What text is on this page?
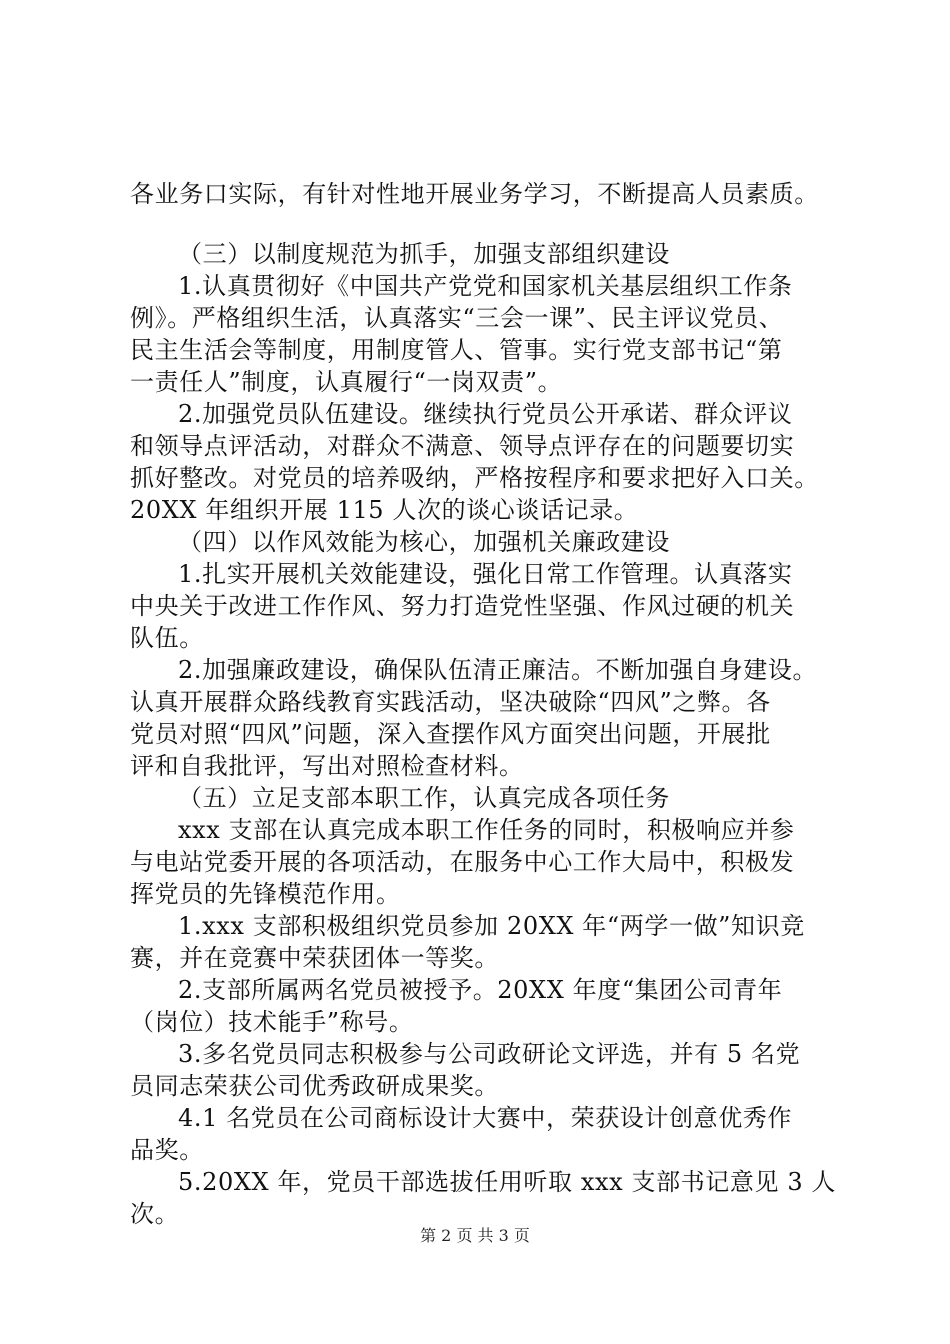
各业务口实际，有针对性地开展业务学习，不断提高人员素质。
（三）以制度规范为抓手，加强支部组织建设
1.认真贯彻好《中国共产党党和国家机关基层组织工作条
例》。严格组织生活，认真落实“三会一课”、民主评议党员、
民主生活会等制度，用制度管人、管事。实行党支部书记“第
一责任人”制度，认真履行“一岗双责”。
2.加强党员队伍建设。继续执行党员公开承诺、群众评议
和领导点评活动，对群众不满意、领导点评存在的问题要切实
抓好整改。对党员的培养吸纳，严格按程序和要求把好入口关。
20XX 年组织开展 115 人次的谈心谈话记录。
（四）以作风效能为核心，加强机关廉政建设
1.扎实开展机关效能建设，强化日常工作管理。认真落实
中央关于改进工作作风、努力打造党性坚强、作风过硬的机关
队伍。
2.加强廉政建设，确保队伍清正廉洁。不断加强自身建设。
认真开展群众路线教育实践活动，坚决破除“四风”之弊。各
党员对照“四风”问题，深入查摆作风方面突出问题，开展批
评和自我批评，写出对照检查材料。
（五）立足支部本职工作，认真完成各项任务
xxx 支部在认真完成本职工作任务的同时，积极响应并参
与电站党委开展的各项活动，在服务中心工作大局中，积极发
挥党员的先锋模范作用。
1.xxx 支部积极组织党员参加 20XX 年“两学一做”知识竞
赛，并在竞赛中荣获团体一等奖。
2.支部所属两名党员被授予。20XX 年度“集团公司青年
（岗位）技术能手”称号。
3.多名党员同志积极参与公司政研论文评选，并有 5 名党
员同志荣获公司优秀政研成果奖。
4.1 名党员在公司商标设计大赛中，荣获设计创意优秀作
品奖。
5.20XX 年，党员干部选拔任用听取 xxx 支部书记意见 3 人
次。
第 2 页 共 3 页
